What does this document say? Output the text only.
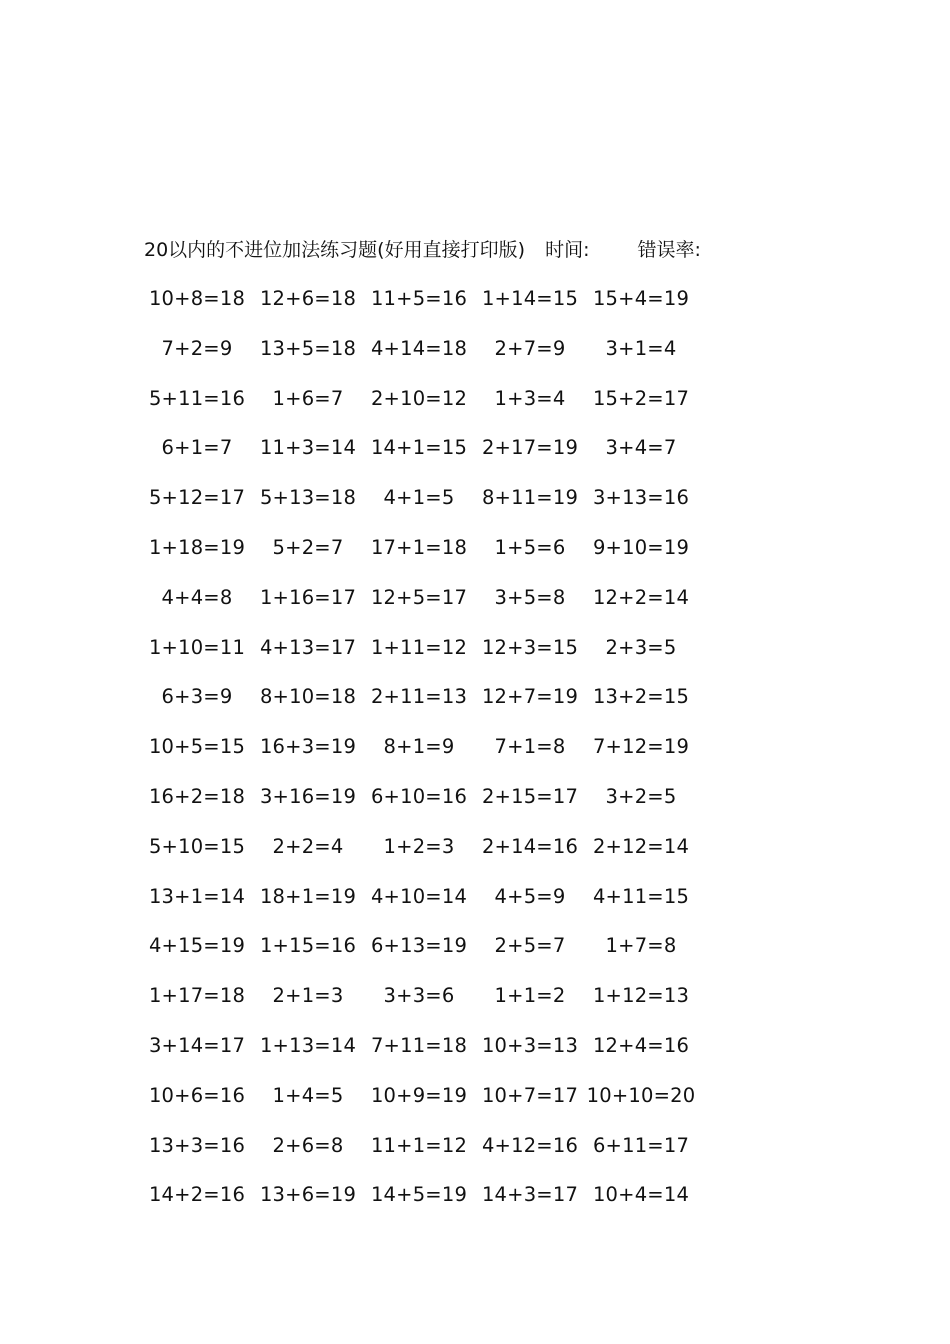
20以内的不进位加法练习题(好用直接打印版) 时间:	错误率:
10+8=18 12+6=18 11+5=16 1+14=15 15+4=19
7+2=9	13+5=18 4+14=18	2+7=9	3+1=4
5+11=16	1+6=7	2+10=12	1+3=4	15+2=17
6+1=7	11+3=14 14+1=15 2+17=19	3+4=7
5+12=17 5+13=18	4+1=5	8+11=19 3+13=16
1+18=19	5+2=7	17+1=18	1+5=6	9+10=19
4+4=8	1+16=17 12+5=17	3+5=8	12+2=14
1+10=11 4+13=17 1+11=12 12+3=15	2+3=5
6+3=9	8+10=18 2+11=13 12+7=19 13+2=15
10+5=15 16+3=19	8+1=9	7+1=8	7+12=19
16+2=18 3+16=19 6+10=16 2+15=17	3+2=5
5+10=15	2+2=4	1+2=3	2+14=16 2+12=14
13+1=14 18+1=19 4+10=14	4+5=9	4+11=15
4+15=19 1+15=16 6+13=19	2+5=7	1+7=8
1+17=18	2+1=3	3+3=6	1+1=2	1+12=13
3+14=17 1+13=14 7+11=18 10+3=13 12+4=16
10+6=16	1+4=5	10+9=19 10+7=17 10+10=20
13+3=16	2+6=8	11+1=12 4+12=16 6+11=17
14+2=16 13+6=19 14+5=19 14+3=17 10+4=14
